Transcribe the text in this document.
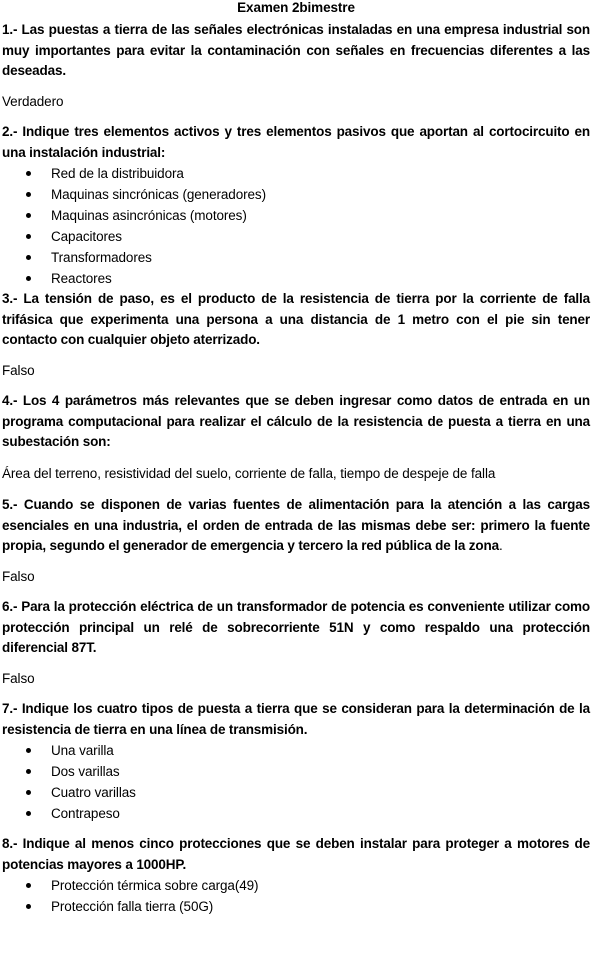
Examen 2bimestre

1.- Las puestas a tierra de las señales electrónicas instaladas en una empresa industrial son muy importantes para evitar la contaminación con señales en frecuencias diferentes a las deseadas.

Verdadero

2.- Indique tres elementos activos y tres elementos pasivos que aportan al cortocircuito en una instalación industrial:

Red de la distribuidora
Maquinas sincrónicas (generadores)
Maquinas asincrónicas (motores)
Capacitores
Transformadores
Reactores

3.- La tensión de paso, es el producto de la resistencia de tierra por la corriente de falla trifásica que experimenta una persona a una distancia de 1 metro con el pie sin tener contacto con cualquier objeto aterrizado.

Falso

4.- Los 4 parámetros más relevantes que se deben ingresar como datos de entrada en un programa computacional para realizar el cálculo de la resistencia de puesta a tierra en una subestación son:

Área del terreno, resistividad del suelo, corriente de falla, tiempo de despeje de falla

5.- Cuando se disponen de varias fuentes de alimentación para la atención a las cargas esenciales en una industria, el orden de entrada de las mismas debe ser: primero la fuente propia, segundo el generador de emergencia y tercero la red pública de la zona.

Falso

6.- Para la protección eléctrica de un transformador de potencia es conveniente utilizar como protección principal un relé de sobrecorriente 51N y como respaldo una protección diferencial 87T.

Falso

7.- Indique los cuatro tipos de puesta a tierra que se consideran para la determinación de la resistencia de tierra en una línea de transmisión.

Una varilla
Dos varillas
Cuatro varillas
Contrapeso

8.- Indique al menos cinco protecciones que se deben instalar para proteger a motores de potencias mayores a 1000HP.

Protección térmica sobre carga(49)
Protección falla tierra (50G)
